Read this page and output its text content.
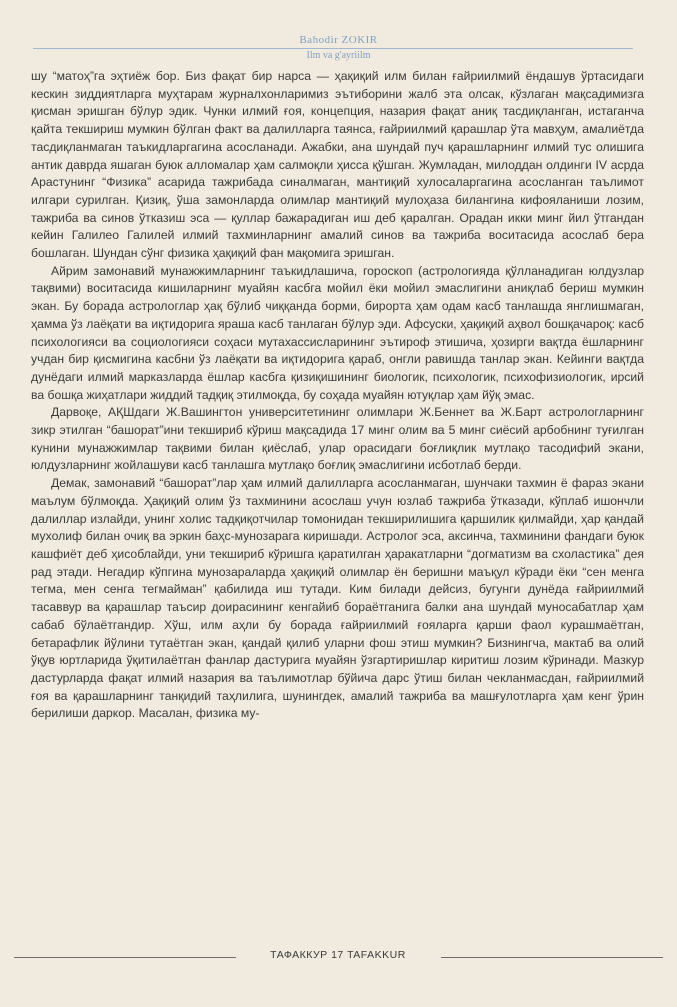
Bahodir ZOKIR
Ilm va g'ayriilm

шу “матоҳ”га эҳтиёж бор. Биз фақат бир нарса — ҳақиқий илм билан ғайриилмий ёндашув ўртасидаги кескин зиддиятларга муҳтарам журналхонларимиз эътиборини жалб эта олсак, кўзлаган мақсадимизга қисман эришган бўлур эдик. Чунки илмий ғоя, концепция, назария фақат аниқ тасдиқланган, истаганча қайта текшириш мумкин бўлган факт ва далилларга таянса, ғайриилмий қарашлар ўта мавҳум, амалиётда тасдиқланмаган таъкидларгагина асосланади. Ажабки, ана шундай пуч қарашларнинг илмий тус олишига антик даврда яшаган буюк алломалар ҳам салмоқли ҳисса қўшган. Жумладан, милоддан олдинги IV асрда Арастунинг “Физика” асарида тажрибада синалмаган, мантиқий хулосаларгагина асосланган таълимот илгари сурилган. Қизиқ, ўша замонларда олимлар мантиқий мулоҳаза билангина кифояланиши лозим, тажриба ва синов ўтказиш эса — қуллар бажарадиган иш деб қаралган. Орадан икки минг йил ўтгандан кейин Галилео Галилей илмий тахминларнинг амалий синов ва тажриба воситасида асослаб бера бошлаган. Шундан сўнг физика ҳақиқий фан мақомига эришган.

Айрим замонавий мунажжимларнинг таъкидлашича, гороскоп (астрологияда қўлланадиган юлдузлар тақвими) воситасида кишиларнинг муайян касбга мойил ёки мойил эмаслигини аниқлаб бериш мумкин экан. Бу борада астрологлар ҳақ бўлиб чиққанда борми, бироpта ҳам одам касб танлашда янглишмаган, ҳамма ўз лаёқати ва иқтидорига яраша касб танлаган бўлур эди. Афсуски, ҳақиқий аҳвол бошқачароқ: касб психологияси ва социологияси соҳаси мутахассисларининг эътироф этишича, ҳозирги вақтда ёшларнинг учдан бир қисмигина касбни ўз лаёқати ва иқтидорига қараб, онгли равишда танлар экан. Кейинги вақтда дунёдаги илмий марказларда ёшлар касбга қизиқишининг биологик, психологик, психофизиологик, ирсий ва бошқа жиҳатлари жиддий тадқиқ этилмоқда, бу соҳада муайян ютуқлар ҳам йўқ эмас.

Дарвоқе, АҚШдаги Ж.Вашингтон университетининг олимлари Ж.Беннет ва Ж.Барт астрологларнинг зикр этилган “башорат”ини текшириб кўриш мақсадида 17 минг олим ва 5 минг сиёсий арбобнинг туғилган кунини мунажжимлар тақвими билан қиёслаб, улар орасидаги боғлиқлик мутлақо тасодифий экани, юлдузларнинг жойлашуви касб танлашга мутлақо боғлиқ эмаслигини исботлаб берди.

Демак, замонавий “башорат”лар ҳам илмий далилларга асосланмаган, шунчаки тахмин ё фараз экани маълум бўлмоқда. Ҳақиқий олим ўз тахминини асослаш учун юзлаб тажриба ўтказади, кўплаб ишончли далиллар излайди, унинг холис тадқиқотчилар томонидан текширилишига қаршилик қилмайди, ҳар қандай мухолиф билан очиқ ва эркин баҳс-мунозарага киришади. Астролог эса, аксинча, тахминини фандаги буюк кашфиёт деб ҳисоблайди, уни текшириб кўришга қаратилган ҳаракатларни “догматизм ва схоластика” дея рад этади. Негадир кўпгина мунозараларда ҳақиқий олимлар ён беришни маъқул кўради ёки “сен менга тегма, мен сенга тегмайман” қабилида иш тутади. Ким билади дейсиз, бугунги дунёда ғайриилмий тасаввур ва қарашлар таъсир доирасининг кенгайиб бораётганига балки ана шундай муносабатлар ҳам сабаб бўлаётгандир. Хўш, илм аҳли бу борада ғайриилмий ғояларга қарши фаол курашмаётган, бетарафлик йўлини тутаётган экан, қандай қилиб уларни фош этиш мумкин? Бизнингча, мактаб ва олий ўқув юртларида ўқитилаётган фанлар дастурига муайян ўзгартиришлар киритиш лозим кўринади. Мазкур дастурларда фақат илмий назария ва таълимотлар бўйича дарс ўтиш билан чекланмасдан, ғайриилмий ғоя ва қарашларнинг танқидий таҳлилига, шунингдек, амалий тажриба ва машғулотларга ҳам кенг ўрин берилиши даркор. Масалан, физика му-

ТАФАККУР 17 TAFAKKUR
